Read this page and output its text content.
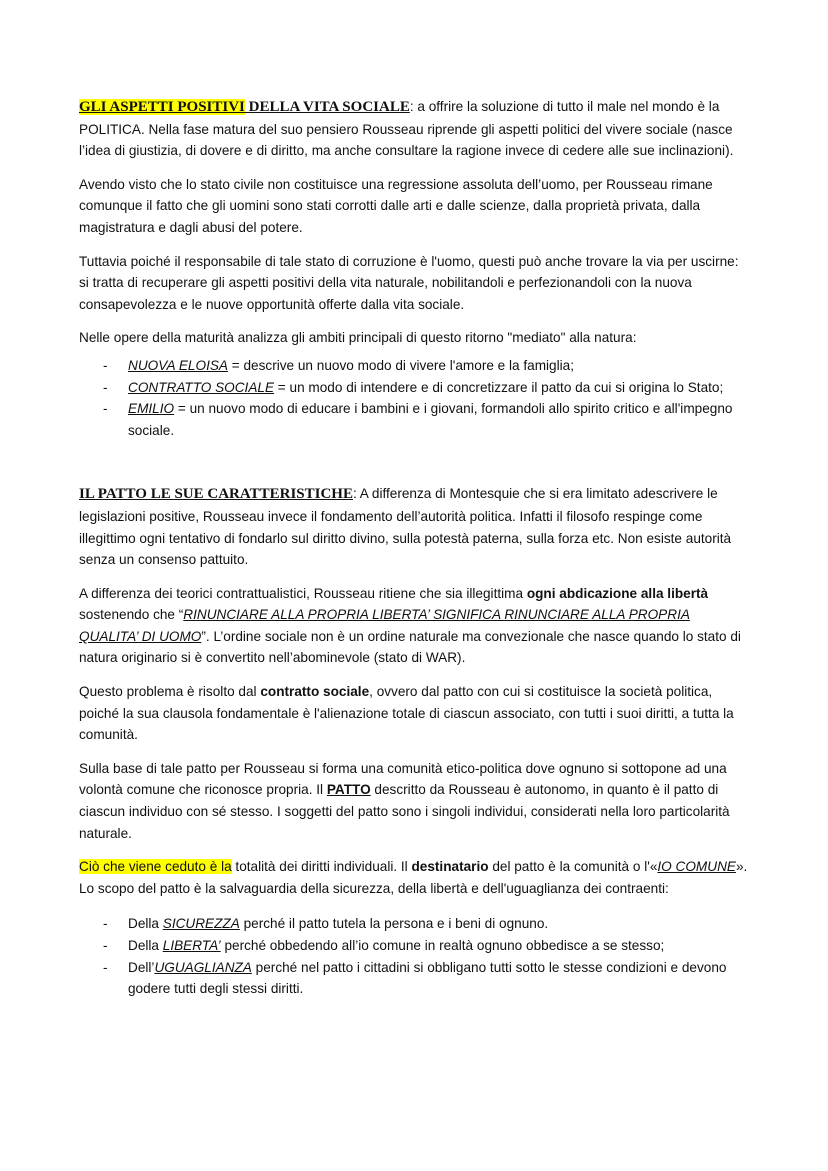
GLI ASPETTI POSITIVI DELLA VITA SOCIALE: a offrire la soluzione di tutto il male nel mondo è la POLITICA. Nella fase matura del suo pensiero Rousseau riprende gli aspetti politici del vivere sociale (nasce l’idea di giustizia, di dovere e di diritto, ma anche consultare la ragione invece di cedere alle sue inclinazioni).

Avendo visto che lo stato civile non costituisce una regressione assoluta dell’uomo, per Rousseau rimane comunque il fatto che gli uomini sono stati corrotti dalle arti e dalle scienze, dalla proprietà privata, dalla magistratura e dagli abusi del potere.

Tuttavia poiché il responsabile di tale stato di corruzione è l'uomo, questi può anche trovare la via per uscirne: si tratta di recuperare gli aspetti positivi della vita naturale, nobilitandoli e perfezionandoli con la nuova consapevolezza e le nuove opportunità offerte dalla vita sociale.

Nelle opere della maturità analizza gli ambiti principali di questo ritorno "mediato" alla natura:

- NUOVA ELOISA = descrive un nuovo modo di vivere l'amore e la famiglia;
- CONTRATTO SOCIALE = un modo di intendere e di concretizzare il patto da cui si origina lo Stato;
- EMILIO = un nuovo modo di educare i bambini e i giovani, formandoli allo spirito critico e all'impegno sociale.

IL PATTO LE SUE CARATTERISTICHE: A differenza di Montesquie che si era limitato adescrivere le legislazioni positive, Rousseau invece il fondamento dell’autorità politica. Infatti il filosofo respinge come illegittimo ogni tentativo di fondarlo sul diritto divino, sulla potestà paterna, sulla forza etc. Non esiste autorità senza un consenso pattuito.

A differenza dei teorici contrattualistici, Rousseau ritiene che sia illegittima ogni abdicazione alla libertà sostenendo che “RINUNCIARE ALLA PROPRIA LIBERTA’ SIGNIFICA RINUNCIARE ALLA PROPRIA QUALITA’ DI UOMO”. L’ordine sociale non è un ordine naturale ma convezionale che nasce quando lo stato di natura originario si è convertito nell’abominevole (stato di WAR).

Questo problema è risolto dal contratto sociale, ovvero dal patto con cui si costituisce la società politica, poiché la sua clausola fondamentale è l'alienazione totale di ciascun associato, con tutti i suoi diritti, a tutta la comunità.

Sulla base di tale patto per Rousseau si forma una comunità etico-politica dove ognuno si sottopone ad una volontà comune che riconosce propria. Il PATTO descritto da Rousseau è autonomo, in quanto è il patto di ciascun individuo con sé stesso. I soggetti del patto sono i singoli individui, considerati nella loro particolarità naturale.

Ciò che viene ceduto è la totalità dei diritti individuali. Il destinatario del patto è la comunità o l'«IO COMUNE». Lo scopo del patto è la salvaguardia della sicurezza, della libertà e dell'uguaglianza dei contraenti:

- Della SICUREZZA perché il patto tutela la persona e i beni di ognuno.
- Della LIBERTA’ perché obbedendo all’io comune in realtà ognuno obbedisce a se stesso;
- Dell’UGUAGLIANZA perché nel patto i cittadini si obbligano tutti sotto le stesse condizioni e devono godere tutti degli stessi diritti.
